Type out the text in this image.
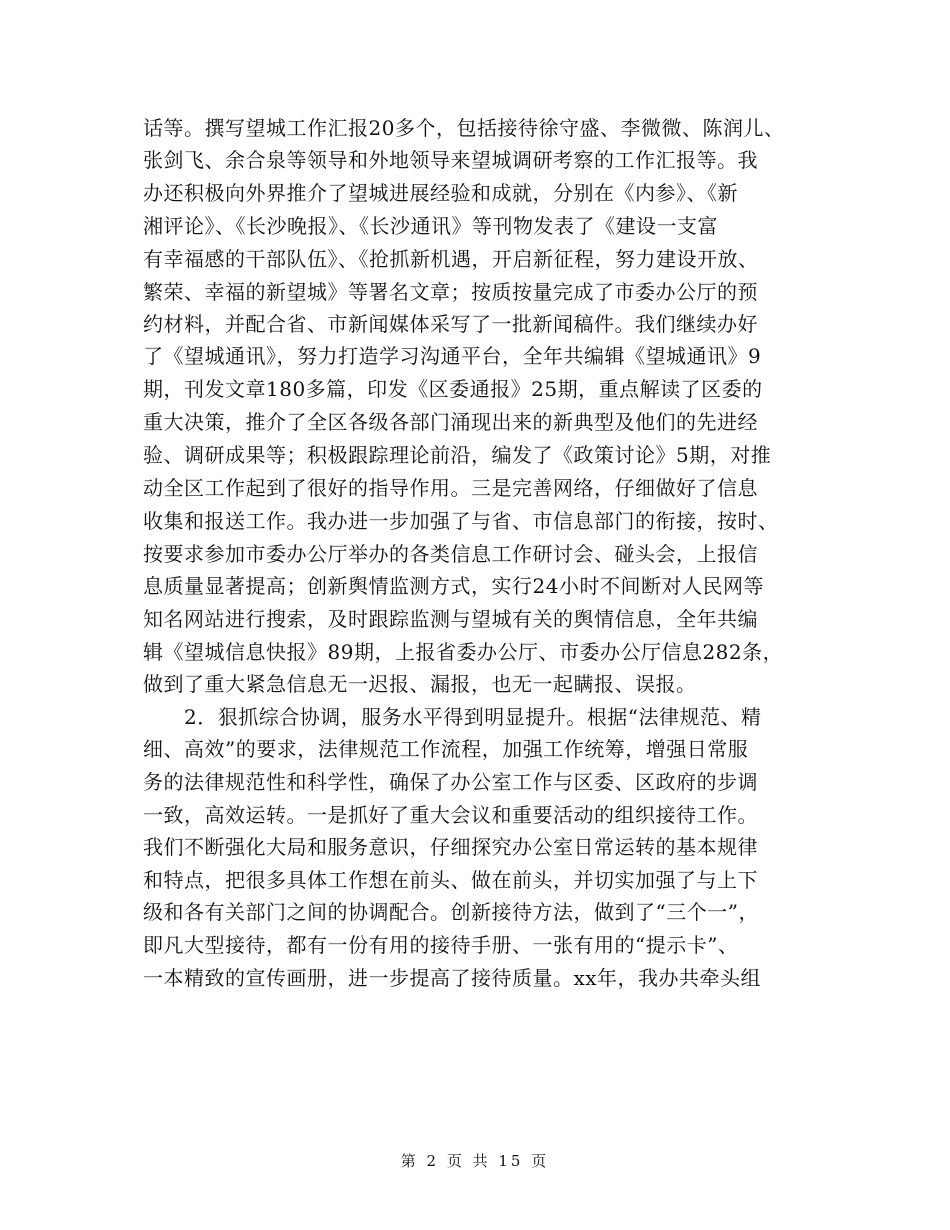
话等。撰写望城工作汇报20多个，包括接待徐守盛、李微微、陈润儿、

张剑飞、余合泉等领导和外地领导来望城调研考察的工作汇报等。我

办还积极向外界推介了望城进展经验和成就，分别在《内参》、《新

湘评论》、《长沙晚报》、《长沙通讯》等刊物发表了《建设一支富

有幸福感的干部队伍》、《抢抓新机遇，开启新征程，努力建设开放、

繁荣、幸福的新望城》等署名文章；按质按量完成了市委办公厅的预

约材料，并配合省、市新闻媒体采写了一批新闻稿件。我们继续办好

了《望城通讯》，努力打造学习沟通平台，全年共编辑《望城通讯》9

期，刊发文章180多篇，印发《区委通报》25期，重点解读了区委的

重大决策，推介了全区各级各部门涌现出来的新典型及他们的先进经

验、调研成果等；积极跟踪理论前沿，编发了《政策讨论》5期，对推

动全区工作起到了很好的指导作用。三是完善网络，仔细做好了信息

收集和报送工作。我办进一步加强了与省、市信息部门的衔接，按时、

按要求参加市委办公厅举办的各类信息工作研讨会、碰头会，上报信

息质量显著提高；创新舆情监测方式，实行24小时不间断对人民网等

知名网站进行搜索，及时跟踪监测与望城有关的舆情信息，全年共编

辑《望城信息快报》89期，上报省委办公厅、市委办公厅信息282条，

做到了重大紧急信息无一迟报、漏报，也无一起瞒报、误报。

　　2．狠抓综合协调，服务水平得到明显提升。根据“法律规范、精

细、高效”的要求，法律规范工作流程，加强工作统筹，增强日常服

务的法律规范性和科学性，确保了办公室工作与区委、区政府的步调

一致，高效运转。一是抓好了重大会议和重要活动的组织接待工作。

我们不断强化大局和服务意识，仔细探究办公室日常运转的基本规律

和特点，把很多具体工作想在前头、做在前头，并切实加强了与上下

级和各有关部门之间的协调配合。创新接待方法，做到了“三个一”，

即凡大型接待，都有一份有用的接待手册、一张有用的“提示卡”、

一本精致的宣传画册，进一步提高了接待质量。xx年，我办共牵头组

第 2 页 共 15 页
